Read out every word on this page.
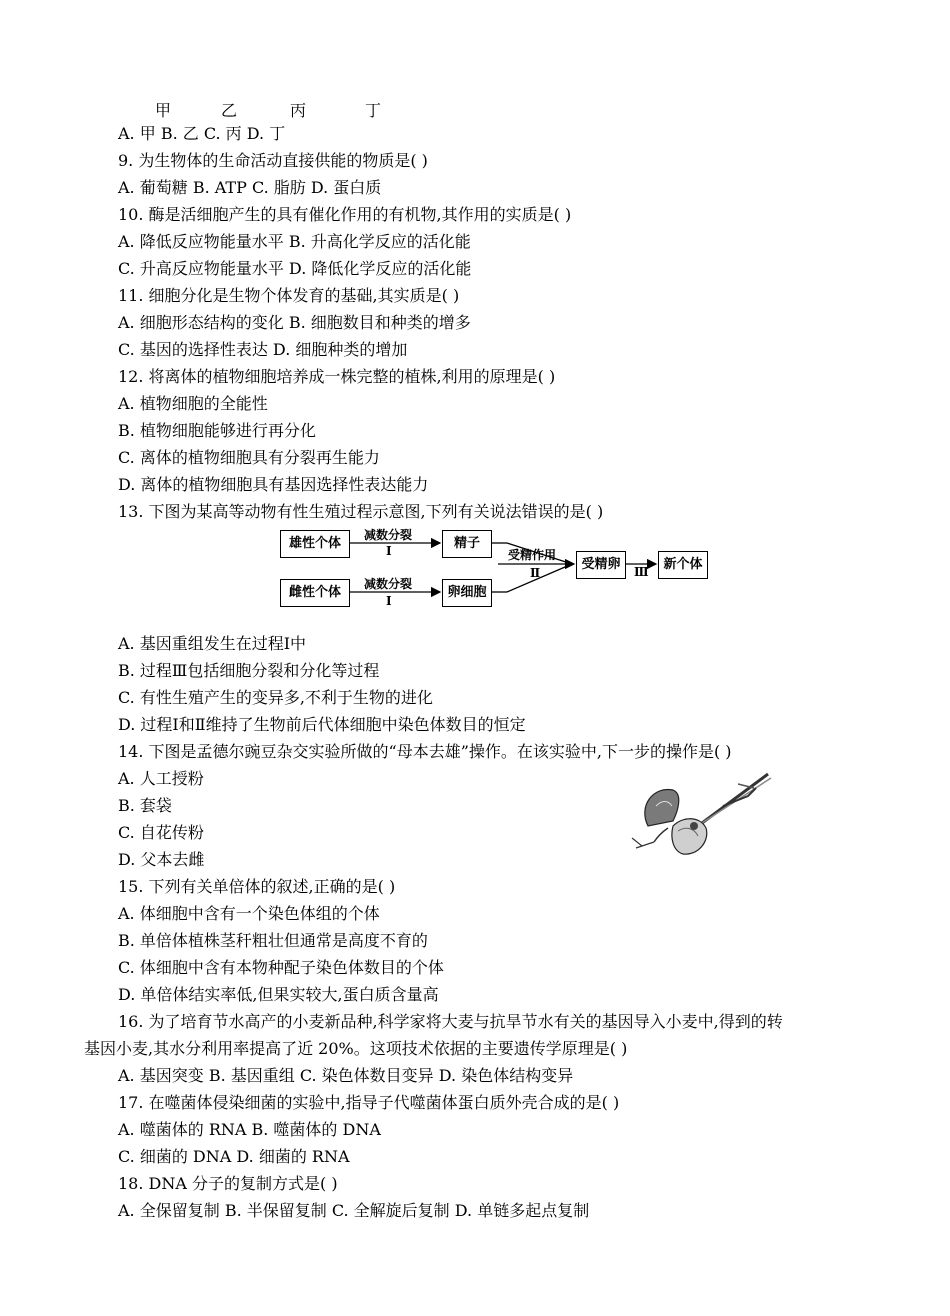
甲	乙	丙	丁
A. 甲 B. 乙 C. 丙 D. 丁
9. 为生物体的生命活动直接供能的物质是( )
A. 葡萄糖 B. ATP C. 脂肪 D. 蛋白质
10. 酶是活细胞产生的具有催化作用的有机物,其作用的实质是( )
A. 降低反应物能量水平 B. 升高化学反应的活化能
C. 升高反应物能量水平 D. 降低化学反应的活化能
11. 细胞分化是生物个体发育的基础,其实质是( )
A. 细胞形态结构的变化 B. 细胞数目和种类的增多
C. 基因的选择性表达 D. 细胞种类的增加
12. 将离体的植物细胞培养成一株完整的植株,利用的原理是( )
A. 植物细胞的全能性
B. 植物细胞能够进行再分化
C. 离体的植物细胞具有分裂再生能力
D. 离体的植物细胞具有基因选择性表达能力
13. 下图为某高等动物有性生殖过程示意图,下列有关说法错误的是( )
雄性个体
雌性个体
减数分裂
Ⅰ
减数分裂
Ⅰ
精子
卵细胞
受精作用
Ⅱ
受精卵	Ⅲ	新个体
A. 基因重组发生在过程Ⅰ中
B. 过程Ⅲ包括细胞分裂和分化等过程
C. 有性生殖产生的变异多,不利于生物的进化
D. 过程Ⅰ和Ⅱ维持了生物前后代体细胞中染色体数目的恒定
14. 下图是孟德尔豌豆杂交实验所做的“母本去雄”操作。在该实验中,下一步的操作是( )
A. 人工授粉
B. 套袋
C. 自花传粉
D. 父本去雌
15. 下列有关单倍体的叙述,正确的是( )
A. 体细胞中含有一个染色体组的个体
B. 单倍体植株茎秆粗壮但通常是高度不育的
C. 体细胞中含有本物种配子染色体数目的个体
D. 单倍体结实率低,但果实较大,蛋白质含量高
16. 为了培育节水高产的小麦新品种,科学家将大麦与抗旱节水有关的基因导入小麦中,得到的转
基因小麦,其水分利用率提高了近 20%。这项技术依据的主要遗传学原理是( )
A. 基因突变 B. 基因重组 C. 染色体数目变异 D. 染色体结构变异
17. 在噬菌体侵染细菌的实验中,指导子代噬菌体蛋白质外壳合成的是( )
A. 噬菌体的 RNA B. 噬菌体的 DNA
C. 细菌的 DNA D. 细菌的 RNA
18. DNA 分子的复制方式是( )
A. 全保留复制 B. 半保留复制 C. 全解旋后复制 D. 单链多起点复制
